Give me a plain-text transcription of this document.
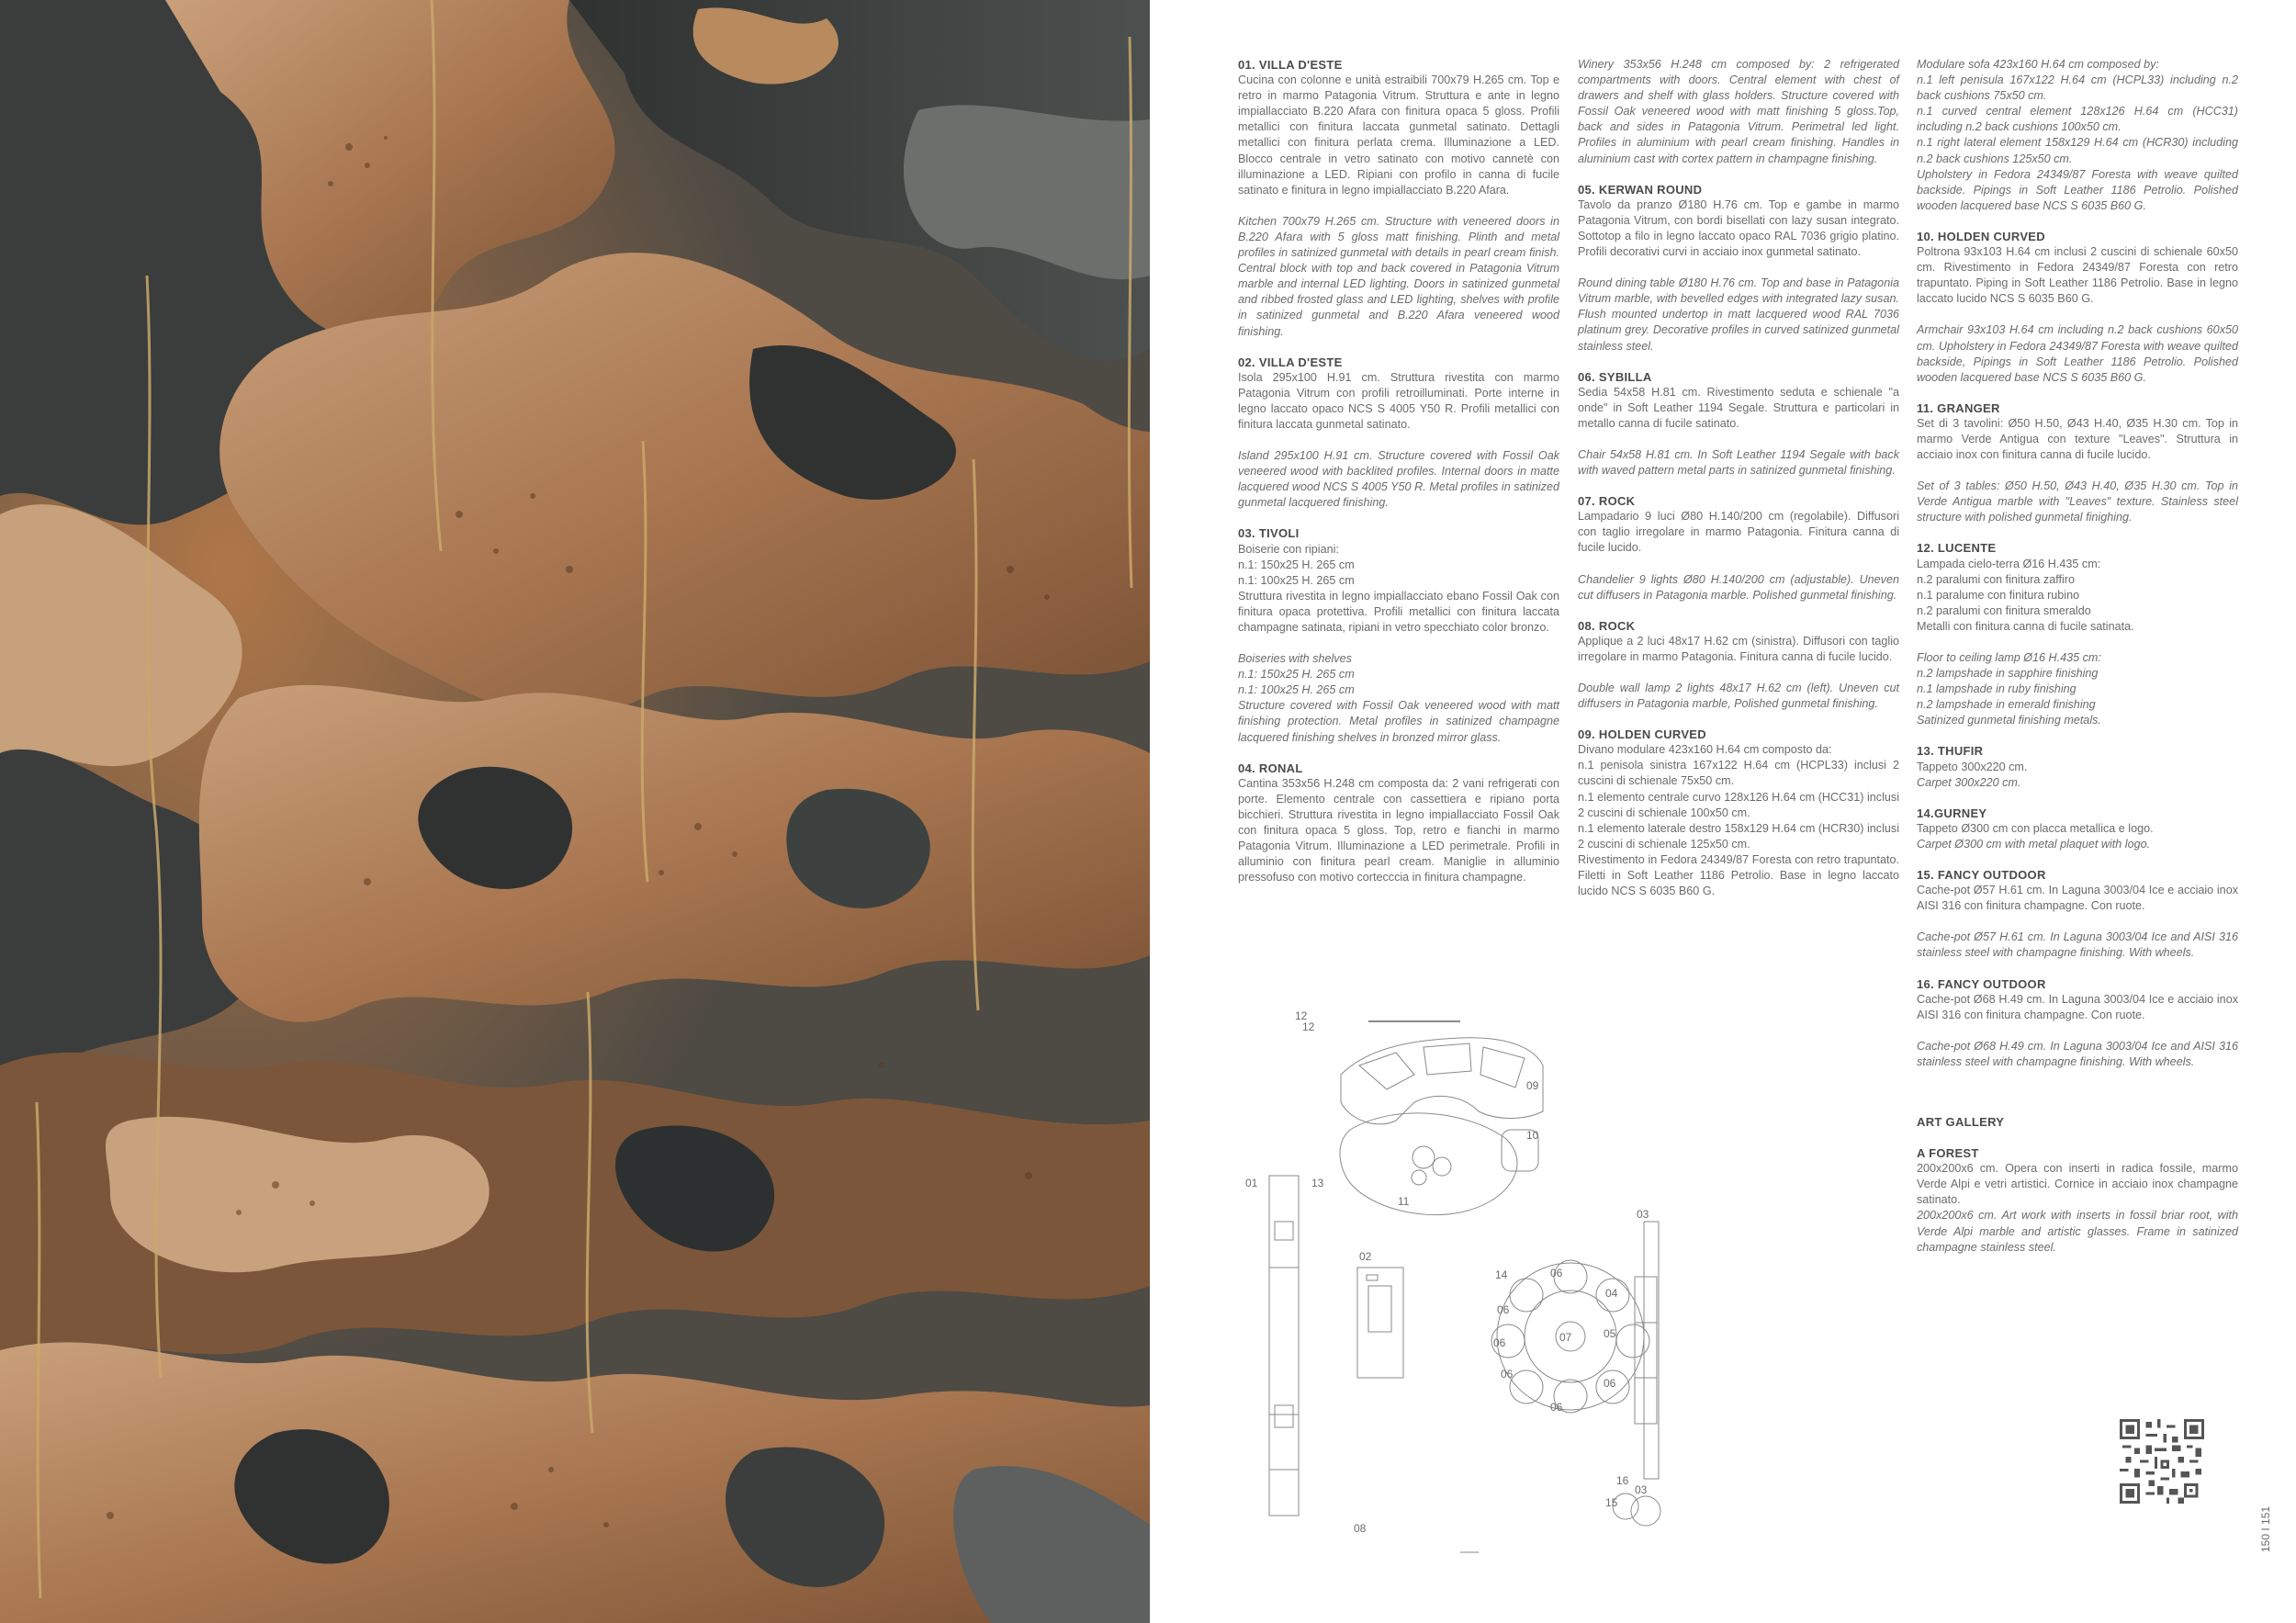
01. VILLA D'ESTE

Cucina con colonne e unità estraibili 700x79 H.265 cm. Top e retro in marmo Patagonia Vitrum. Struttura e ante in legno impiallacciato B.220 Afara con finitura opaca 5 gloss. Profili metallici con finitura laccata gunmetal satinato. Dettagli metallici con finitura perlata crema. Illuminazione a LED. Blocco centrale in vetro satinato con motivo cannetè con illuminazione a LED. Ripiani con profilo in canna di fucile satinato e finitura in legno impiallacciato B.220 Afara.

Kitchen 700x79 H.265 cm. Structure with veneered doors in B.220 Afara with 5 gloss matt finishing. Plinth and metal profiles in satinized gunmetal with details in pearl cream finish. Central block with top and back covered in Patagonia Vitrum marble and internal LED lighting. Doors in satinized gunmetal and ribbed frosted glass and LED lighting, shelves with profile in satinized gunmetal and B.220 Afara veneered wood finishing.

02. VILLA D'ESTE

Isola 295x100 H.91 cm. Struttura rivestita con marmo Patagonia Vitrum con profili retroilluminati. Porte interne in legno laccato opaco NCS S 4005 Y50 R. Profili metallici con finitura laccata gunmetal satinato.

Island 295x100 H.91 cm. Structure covered with Fossil Oak veneered wood with backlited profiles. Internal doors in matte lacquered wood NCS S 4005 Y50 R. Metal profiles in satinized gunmetal lacquered finishing.

03. TIVOLI

Boiserie con ripiani:
n.1: 150x25 H. 265 cm
n.1: 100x25 H. 265 cm
Struttura rivestita in legno impiallacciato ebano Fossil Oak con finitura opaca protettiva. Profili metallici con finitura laccata champagne satinata, ripiani in vetro specchiato color bronzo.

Boiseries with shelves
n.1: 150x25 H. 265 cm
n.1: 100x25 H. 265 cm
Structure covered with Fossil Oak veneered wood with matt finishing protection. Metal profiles in satinized champagne lacquered finishing shelves in bronzed mirror glass.

04. RONAL

Cantina 353x56 H.248 cm composta da: 2 vani refrigerati con porte. Elemento centrale con cassettiera e ripiano porta bicchieri. Struttura rivestita in legno impiallacciato Fossil Oak con finitura opaca 5 gloss. Top, retro e fianchi in marmo Patagonia Vitrum. Illuminazione a LED perimetrale. Profili in alluminio con finitura pearl cream. Maniglie in alluminio pressofuso con motivo cortecccia in finitura champagne.

Winery 353x56 H.248 cm composed by: 2 refrigerated compartments with doors. Central element with chest of drawers and shelf with glass holders. Structure covered with Fossil Oak veneered wood with matt finishing 5 gloss.Top, back and sides in Patagonia Vitrum. Perimetral led light. Profiles in aluminium with pearl cream finishing. Handles in aluminium cast with cortex pattern in champagne finishing.

05. KERWAN ROUND

Tavolo da pranzo Ø180 H.76 cm. Top e gambe in marmo Patagonia Vitrum, con bordi bisellati con lazy susan integrato. Sottotop a filo in legno laccato opaco RAL 7036 grigio platino. Profili decorativi curvi in acciaio inox gunmetal satinato.

Round dining table Ø180 H.76 cm. Top and base in Patagonia Vitrum marble, with bevelled edges with integrated lazy susan. Flush mounted undertop in matt lacquered wood RAL 7036 platinum grey. Decorative profiles in curved satinized gunmetal stainless steel.

06. SYBILLA

Sedia 54x58 H.81 cm. Rivestimento seduta e schienale "a onde" in Soft Leather 1194 Segale. Struttura e particolari in metallo canna di fucile satinato.

Chair 54x58 H.81 cm. In Soft Leather 1194 Segale with back with waved pattern metal parts in satinized gunmetal finishing.

07. ROCK

Lampadario 9 luci Ø80 H.140/200 cm (regolabile). Diffusori con taglio irregolare in marmo Patagonia. Finitura canna di fucile lucido.

Chandelier 9 lights Ø80 H.140/200 cm (adjustable). Uneven cut diffusers in Patagonia marble. Polished gunmetal finishing.

08. ROCK

Applique a 2 luci 48x17 H.62 cm (sinistra). Diffusori con taglio irregolare in marmo Patagonia. Finitura canna di fucile lucido.

Double wall lamp 2 lights 48x17 H.62 cm (left). Uneven cut diffusers in Patagonia marble, Polished gunmetal finishing.

09. HOLDEN CURVED

Divano modulare 423x160 H.64 cm composto da:
n.1 penisola sinistra 167x122 H.64 cm (HCPL33) inclusi 2 cuscini di schienale 75x50 cm.
n.1 elemento centrale curvo 128x126 H.64 cm (HCC31) inclusi 2 cuscini di schienale 100x50 cm.
n.1 elemento laterale destro 158x129 H.64 cm (HCR30) inclusi 2 cuscini di schienale 125x50 cm.
Rivestimento in Fedora 24349/87 Foresta con retro trapuntato. Filetti in Soft Leather 1186 Petrolio. Base in legno laccato lucido NCS S 6035 B60 G.

Modulare sofa 423x160 H.64 cm composed by:
n.1 left penisula 167x122 H.64 cm (HCPL33) including n.2 back cushions 75x50 cm.
n.1 curved central element 128x126 H.64 cm (HCC31) including n.2 back cushions 100x50 cm.
n.1 right lateral element 158x129 H.64 cm (HCR30) including n.2 back cushions 125x50 cm.
Upholstery in Fedora 24349/87 Foresta with weave quilted backside. Pipings in Soft Leather 1186 Petrolio. Polished wooden lacquered base NCS S 6035 B60 G.

10. HOLDEN CURVED

Poltrona 93x103 H.64 cm inclusi 2 cuscini di schienale 60x50 cm. Rivestimento in Fedora 24349/87 Foresta con retro trapuntato. Piping in Soft Leather 1186 Petrolio. Base in legno laccato lucido NCS S 6035 B60 G.

Armchair 93x103 H.64 cm including n.2 back cushions 60x50 cm. Upholstery in Fedora 24349/87 Foresta with weave quilted backside, Pipings in Soft Leather 1186 Petrolio. Polished wooden lacquered base NCS S 6035 B60 G.

11. GRANGER

Set di 3 tavolini: Ø50 H.50, Ø43 H.40, Ø35 H.30 cm. Top in marmo Verde Antigua con texture "Leaves". Struttura in acciaio inox con finitura canna di fucile lucido.

Set of 3 tables: Ø50 H.50, Ø43 H.40, Ø35 H.30 cm. Top in Verde Antigua marble with "Leaves" texture. Stainless steel structure with polished gunmetal finighing.

12. LUCENTE

Lampada cielo-terra Ø16 H.435 cm:
n.2 paralumi con finitura zaffiro
n.1 paralume con finitura rubino
n.2 paralumi con finitura smeraldo
Metalli con finitura canna di fucile satinata.

Floor to ceiling lamp Ø16 H.435 cm:
n.2 lampshade in sapphire finishing
n.1 lampshade in ruby finishing
n.2 lampshade in emerald finishing
Satinized gunmetal finishing metals.

13. THUFIR

Tappeto 300x220 cm.

Carpet 300x220 cm.

14.GURNEY

Tappeto Ø300 cm con placca metallica e logo.

Carpet Ø300 cm with metal plaquet with logo.

15. FANCY OUTDOOR

Cache-pot Ø57 H.61 cm. In Laguna 3003/04 Ice e acciaio inox AISI 316 con finitura champagne. Con ruote.

Cache-pot Ø57 H.61 cm. In Laguna 3003/04 Ice and AISI 316 stainless steel with champagne finishing. With wheels.

16. FANCY OUTDOOR

Cache-pot Ø68 H.49 cm. In Laguna 3003/04 Ice e acciaio inox AISI 316 con finitura champagne. Con ruote.

Cache-pot Ø68 H.49 cm. In Laguna 3003/04 Ice and AISI 316 stainless steel with champagne finishing. With wheels.

ART GALLERY
A FOREST

200x200x6 cm. Opera con inserti in radica fossile, marmo Verde Alpi e vetri artistici. Cornice in acciaio inox champagne satinato.

200x200x6 cm. Art work with inserts in fossil briar root, with Verde Alpi marble and artistic glasses. Frame in satinized champagne stainless steel.

12
12
09
10
11
01	13
02
03
14	06
04
06
05
07
06
06
06
06
03
15
16
08	150 I 151
